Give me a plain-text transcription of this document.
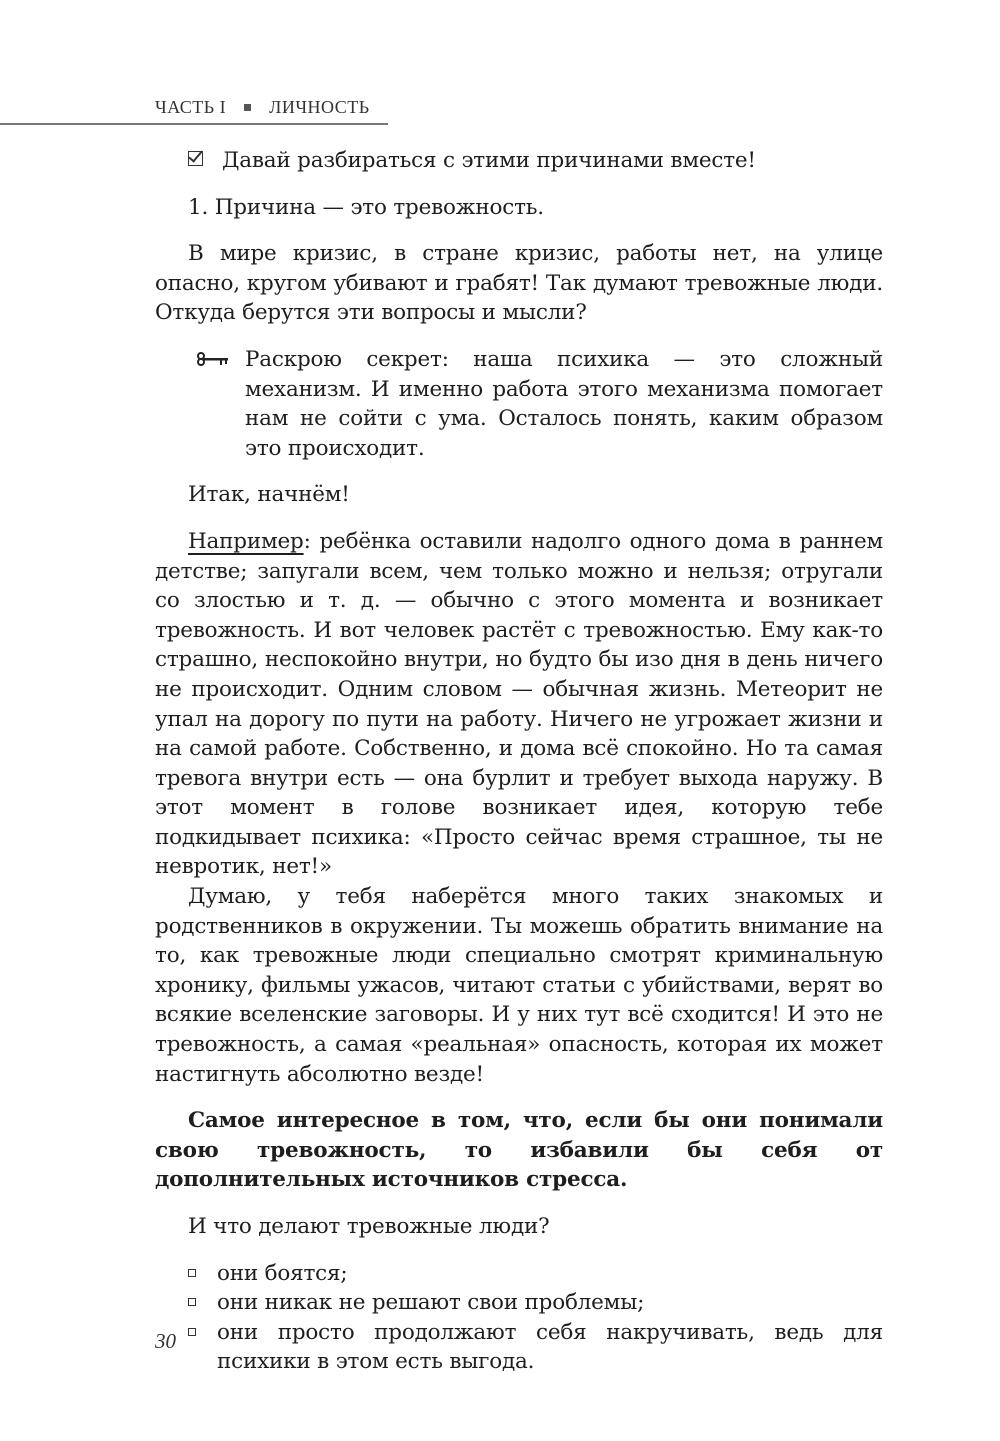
ЧАСТЬ I ЛИЧНОСТЬ

Давай разбираться с этими причинами вместе!

1. Причина — это тревожность.

В мире кризис, в стране кризис, работы нет, на улице опасно, кругом убивают и грабят! Так думают тревожные люди. Откуда берутся эти вопросы и мысли?

Раскрою секрет: наша психика — это сложный механизм. И именно работа этого механизма помогает нам не сойти с ума. Осталось понять, каким образом это происходит.

Итак, начнём!

Например: ребёнка оставили надолго одного дома в раннем детстве; запугали всем, чем только можно и нельзя; отругали со злостью и т. д. — обычно с этого момента и возникает тревожность. И вот человек растёт с тревожностью. Ему как-то страшно, неспокойно внутри, но будто бы изо дня в день ничего не происходит. Одним словом — обычная жизнь. Метеорит не упал на дорогу по пути на работу. Ничего не угрожает жизни и на самой работе. Собственно, и дома всё спокойно. Но та самая тревога внутри есть — она бурлит и требует выхода наружу. В этот момент в голове возникает идея, которую тебе подкидывает психика: «Просто сейчас время страшное, ты не невротик, нет!»

Думаю, у тебя наберётся много таких знакомых и родственников в окружении. Ты можешь обратить внимание на то, как тревожные люди специально смотрят криминальную хронику, фильмы ужасов, читают статьи с убийствами, верят во всякие вселенские заговоры. И у них тут всё сходится! И это не тревожность, а самая «реальная» опасность, которая их может настигнуть абсолютно везде!

Самое интересное в том, что, если бы они понимали свою тревожность, то избавили бы себя от дополнительных источников стресса.

И что делают тревожные люди?

они боятся;
они никак не решают свои проблемы;
они просто продолжают себя накручивать, ведь для психики в этом есть выгода.
30
